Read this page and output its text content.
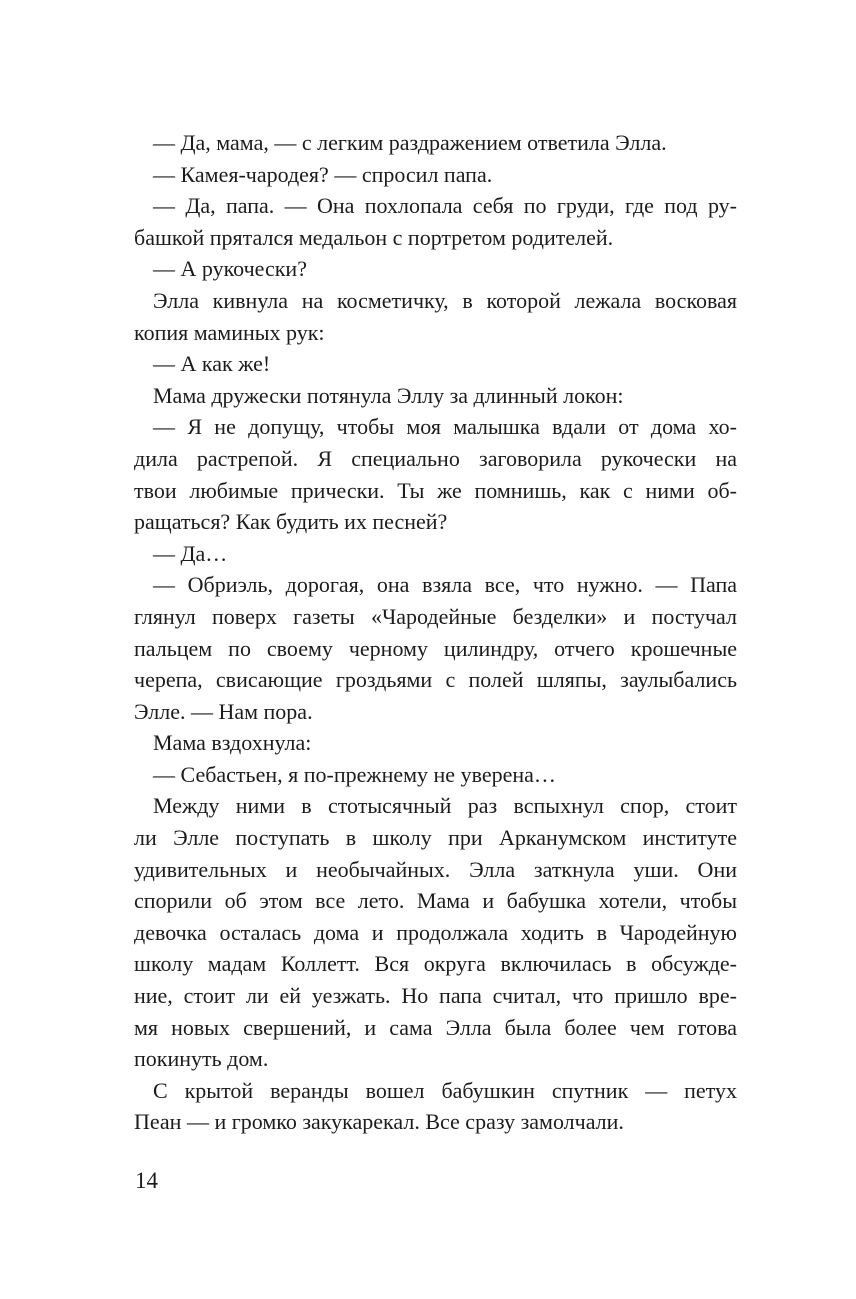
— Да, мама, — с легким раздражением ответила Элла.
— Камея-чародея? — спросил папа.
— Да, папа. — Она похлопала себя по груди, где под ру-
башкой прятался медальон с портретом родителей.
— А рукочески?
Элла кивнула на косметичку, в которой лежала восковая
копия маминых рук:
— А как же!
Мама дружески потянула Эллу за длинный локон:
— Я не допущу, чтобы моя малышка вдали от дома хо-
дила растрепой. Я специально заговорила рукочески на
твои любимые прически. Ты же помнишь, как с ними об-
ращаться? Как будить их песней?
— Да…
— Обриэль, дорогая, она взяла все, что нужно. — Папа
глянул поверх газеты «Чародейные безделки» и постучал
пальцем по своему черному цилиндру, отчего крошечные
черепа, свисающие гроздьями с полей шляпы, заулыбались
Элле. — Нам пора.
Мама вздохнула:
— Себастьен, я по-прежнему не уверена…
Между ними в стотысячный раз вспыхнул спор, стоит
ли Элле поступать в школу при Арканумском институте
удивительных и необычайных. Элла заткнула уши. Они
спорили об этом все лето. Мама и бабушка хотели, чтобы
девочка осталась дома и продолжала ходить в Чародейную
школу мадам Коллетт. Вся округа включилась в обсужде-
ние, стоит ли ей уезжать. Но папа считал, что пришло вре-
мя новых свершений, и сама Элла была более чем готова
покинуть дом.
С крытой веранды вошел бабушкин спутник — петух
Пеан — и громко закукарекал. Все сразу замолчали.
14
